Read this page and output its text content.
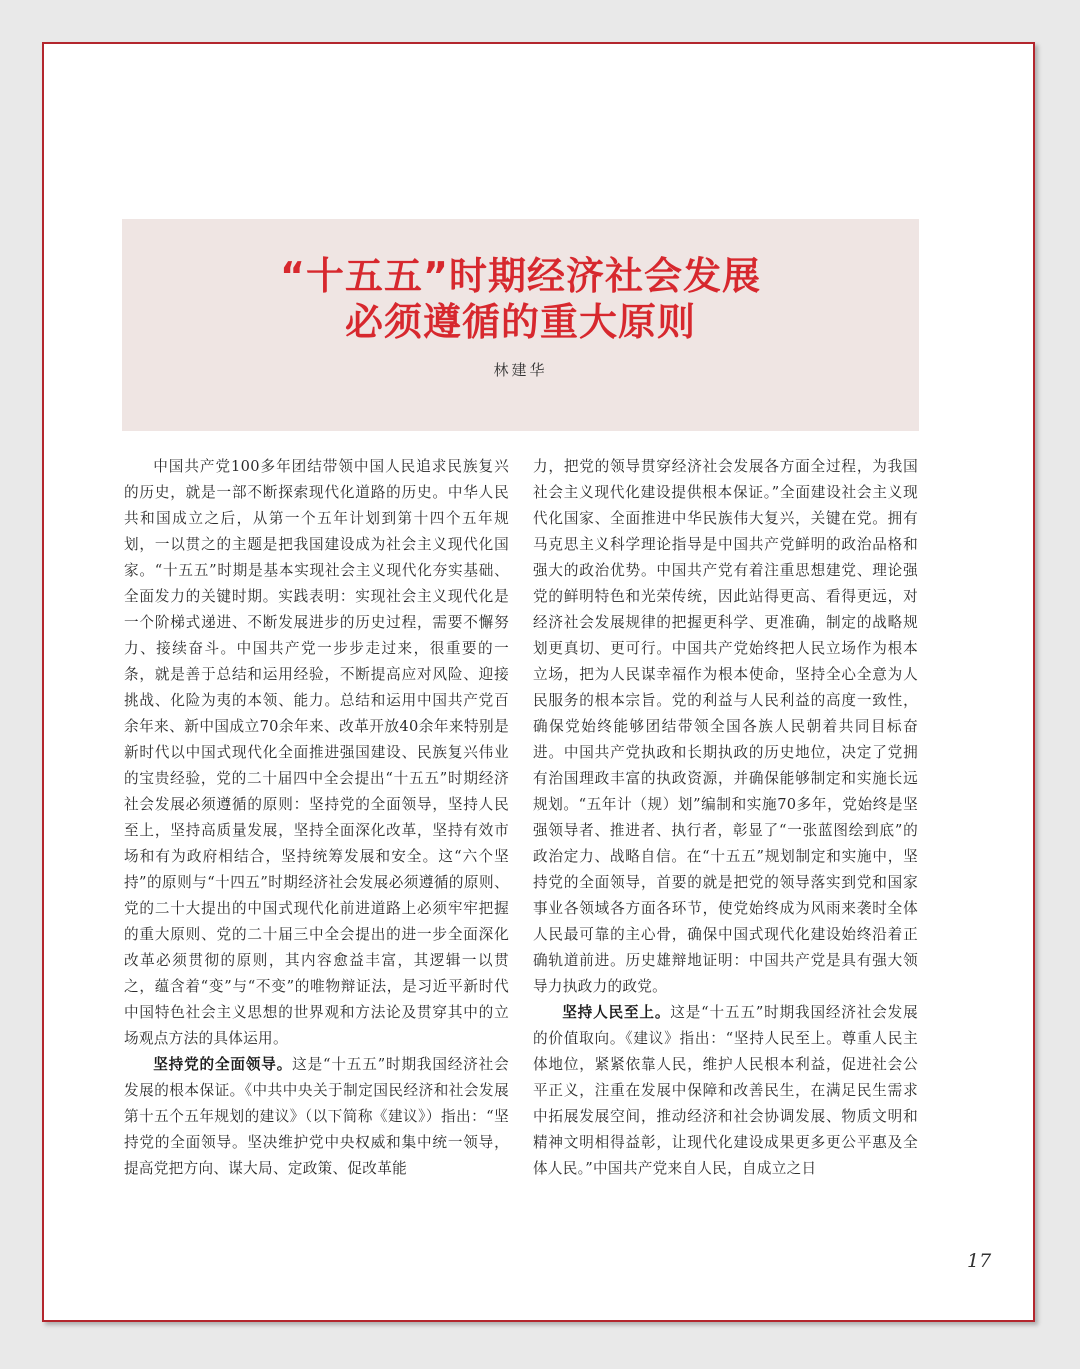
“十五五”时期经济社会发展
必须遵循的重大原则
林建华

中国共产党100多年团结带领中国人民追求民族复兴的历史，就是一部不断探索现代化道路的历史。中华人民共和国成立之后，从第一个五年计划到第十四个五年规划，一以贯之的主题是把我国建设成为社会主义现代化国家。“十五五”时期是基本实现社会主义现代化夯实基础、全面发力的关键时期。实践表明：实现社会主义现代化是一个阶梯式递进、不断发展进步的历史过程，需要不懈努力、接续奋斗。中国共产党一步步走过来，很重要的一条，就是善于总结和运用经验，不断提高应对风险、迎接挑战、化险为夷的本领、能力。总结和运用中国共产党百余年来、新中国成立70余年来、改革开放40余年来特别是新时代以中国式现代化全面推进强国建设、民族复兴伟业的宝贵经验，党的二十届四中全会提出“十五五”时期经济社会发展必须遵循的原则：坚持党的全面领导，坚持人民至上，坚持高质量发展，坚持全面深化改革，坚持有效市场和有为政府相结合，坚持统筹发展和安全。这“六个坚持”的原则与“十四五”时期经济社会发展必须遵循的原则、党的二十大提出的中国式现代化前进道路上必须牢牢把握的重大原则、党的二十届三中全会提出的进一步全面深化改革必须贯彻的原则，其内容愈益丰富，其逻辑一以贯之，蕴含着“变”与“不变”的唯物辩证法，是习近平新时代中国特色社会主义思想的世界观和方法论及贯穿其中的立场观点方法的具体运用。

坚持党的全面领导。这是“十五五”时期我国经济社会发展的根本保证。《中共中央关于制定国民经济和社会发展第十五个五年规划的建议》（以下简称《建议》）指出：“坚持党的全面领导。坚决维护党中央权威和集中统一领导，提高党把方向、谋大局、定政策、促改革能

力，把党的领导贯穿经济社会发展各方面全过程，为我国社会主义现代化建设提供根本保证。”全面建设社会主义现代化国家、全面推进中华民族伟大复兴，关键在党。拥有马克思主义科学理论指导是中国共产党鲜明的政治品格和强大的政治优势。中国共产党有着注重思想建党、理论强党的鲜明特色和光荣传统，因此站得更高、看得更远，对经济社会发展规律的把握更科学、更准确，制定的战略规划更真切、更可行。中国共产党始终把人民立场作为根本立场，把为人民谋幸福作为根本使命，坚持全心全意为人民服务的根本宗旨。党的利益与人民利益的高度一致性，确保党始终能够团结带领全国各族人民朝着共同目标奋进。中国共产党执政和长期执政的历史地位，决定了党拥有治国理政丰富的执政资源，并确保能够制定和实施长远规划。“五年计（规）划”编制和实施70多年，党始终是坚强领导者、推进者、执行者，彰显了“一张蓝图绘到底”的政治定力、战略自信。在“十五五”规划制定和实施中，坚持党的全面领导，首要的就是把党的领导落实到党和国家事业各领域各方面各环节，使党始终成为风雨来袭时全体人民最可靠的主心骨，确保中国式现代化建设始终沿着正确轨道前进。历史雄辩地证明：中国共产党是具有强大领导力执政力的政党。

坚持人民至上。这是“十五五”时期我国经济社会发展的价值取向。《建议》指出：“坚持人民至上。尊重人民主体地位，紧紧依靠人民，维护人民根本利益，促进社会公平正义，注重在发展中保障和改善民生，在满足民生需求中拓展发展空间，推动经济和社会协调发展、物质文明和精神文明相得益彰，让现代化建设成果更多更公平惠及全体人民。”中国共产党来自人民，自成立之日

17
